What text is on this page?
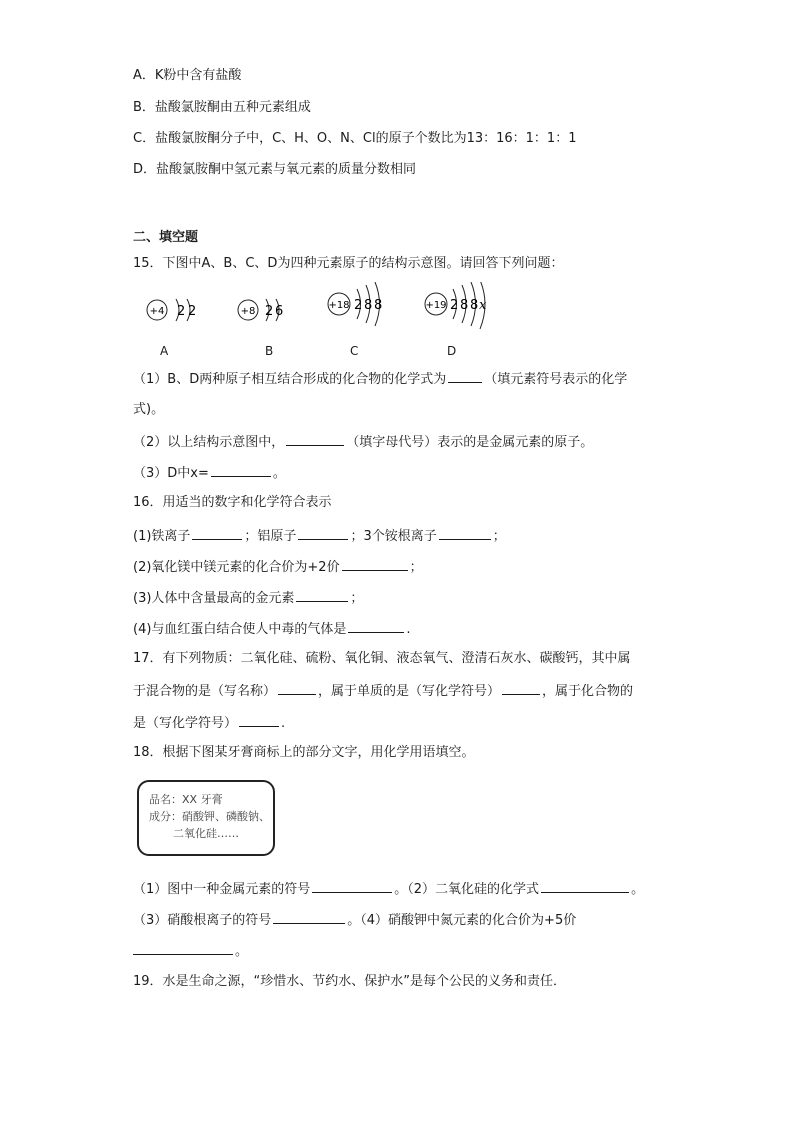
A．K粉中含有盐酸
B．盐酸氯胺酮由五种元素组成
C．盐酸氯胺酮分子中，C、H、O、N、Cl的原子个数比为13：16：1：1：1
D．盐酸氯胺酮中氢元素与氧元素的质量分数相同
二、填空题
15．下图中A、B、C、D为四种元素原子的结构示意图。请回答下列问题：
+4 2 2	+8 2 6	+18 2 8 8	+19 2 8 8 x
A	B	C	D
（1）B、D两种原子相互结合形成的化合物的化学式为	（填元素符号表示的化学
式)。
（2）以上结构示意图中，	（填字母代号）表示的是金属元素的原子。
（3）D中x=	。
16．用适当的数字和化学符合表示
(1)铁离子	；铝原子	；3个铵根离子	；
(2)氧化镁中镁元素的化合价为+2价	；
(3)人体中含量最高的金元素	；
(4)与血红蛋白结合使人中毒的气体是	.
17．有下列物质：二氧化硅、硫粉、氧化铜、液态氧气、澄清石灰水、碳酸钙，其中属
于混合物的是（写名称）	，属于单质的是（写化学符号）	，属于化合物的
是（写化学符号）	.
18．根据下图某牙膏商标上的部分文字，用化学用语填空。
品名：XX 牙膏
成分：硝酸钾、磷酸钠、
二氧化硅……
（1）图中一种金属元素的符号	。（2）二氧化硅的化学式	。
（3）硝酸根离子的符号	。（4）硝酸钾中氮元素的化合价为+5价
。
19．水是生命之源，“珍惜水、节约水、保护水”是每个公民的义务和责任．
